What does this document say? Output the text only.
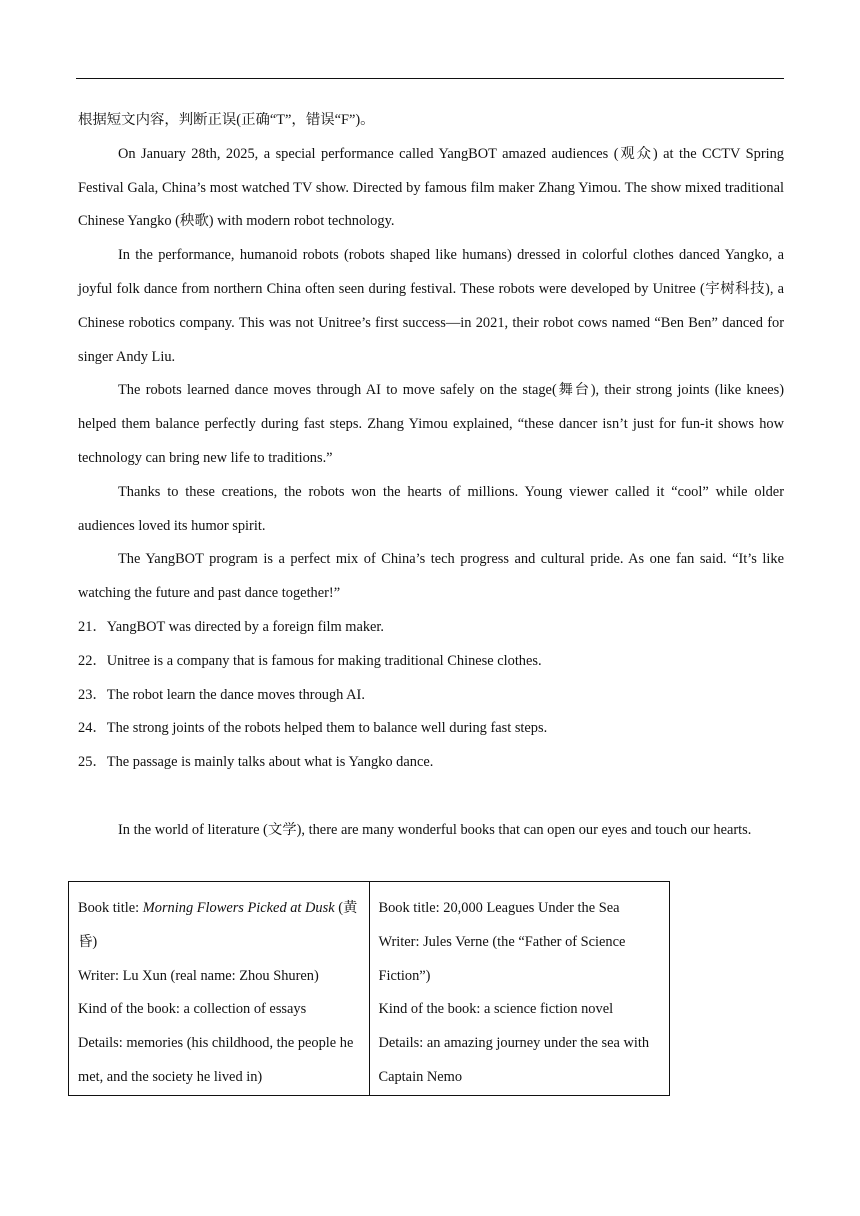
根据短文内容，判断正误(正确“T”，错误“F”)。

On January 28th, 2025, a special performance called YangBOT amazed audiences (观众) at the CCTV Spring Festival Gala, China’s most watched TV show. Directed by famous film maker Zhang Yimou. The show mixed traditional Chinese Yangko (秧歌) with modern robot technology.

In the performance, humanoid robots (robots shaped like humans) dressed in colorful clothes danced Yangko, a joyful folk dance from northern China often seen during festival. These robots were developed by Unitree (宇树科技), a Chinese robotics company. This was not Unitree’s first success—in 2021, their robot cows named “Ben Ben” danced for singer Andy Liu.

The robots learned dance moves through AI to move safely on the stage(舞台), their strong joints (like knees) helped them balance perfectly during fast steps. Zhang Yimou explained, “these dancer isn’t just for fun-it shows how technology can bring new life to traditions.”

Thanks to these creations, the robots won the hearts of millions. Young viewer called it “cool” while older audiences loved its humor spirit.

The YangBOT program is a perfect mix of China’s tech progress and cultural pride. As one fan said. “It’s like watching the future and past dance together!”

21．YangBOT was directed by a foreign film maker.

22．Unitree is a company that is famous for making traditional Chinese clothes.

23．The robot learn the dance moves through AI.

24．The strong joints of the robots helped them to balance well during fast steps.

25．The passage is mainly talks about what is Yangko dance.

In the world of literature (文学), there are many wonderful books that can open our eyes and touch our hearts.

Book title: Morning Flowers Picked at Dusk (黄昏)
Writer: Lu Xun (real name: Zhou Shuren)
Kind of the book: a collection of essays
Details: memories (his childhood, the people he met, and the society he lived in)

Book title: 20,000 Leagues Under the Sea
Writer: Jules Verne (the “Father of Science Fiction”)
Kind of the book: a science fiction novel
Details: an amazing journey under the sea with Captain Nemo
